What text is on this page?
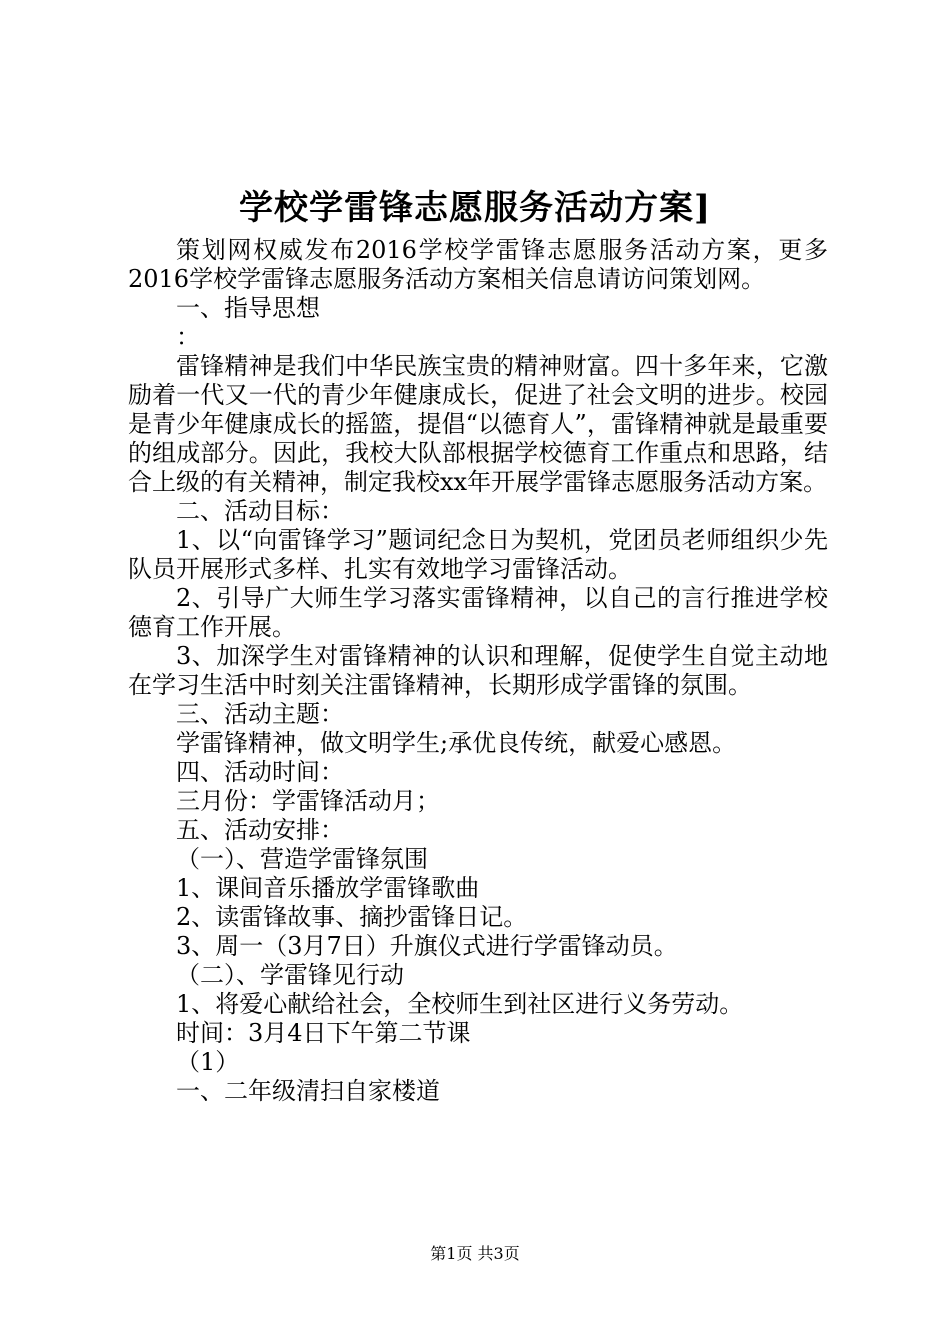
学校学雷锋志愿服务活动方案]

策划网权威发布2016学校学雷锋志愿服务活动方案，更多2016学校学雷锋志愿服务活动方案相关信息请访问策划网。

一、指导思想

：

雷锋精神是我们中华民族宝贵的精神财富。四十多年来，它激励着一代又一代的青少年健康成长，促进了社会文明的进步。校园是青少年健康成长的摇篮，提倡“以德育人”，雷锋精神就是最重要的组成部分。因此，我校大队部根据学校德育工作重点和思路，结合上级的有关精神，制定我校xx年开展学雷锋志愿服务活动方案。

二、活动目标：

1、以“向雷锋学习”题词纪念日为契机，党团员老师组织少先队员开展形式多样、扎实有效地学习雷锋活动。

2、引导广大师生学习落实雷锋精神，以自己的言行推进学校德育工作开展。

3、加深学生对雷锋精神的认识和理解，促使学生自觉主动地在学习生活中时刻关注雷锋精神，长期形成学雷锋的氛围。

三、活动主题：

学雷锋精神，做文明学生;承优良传统，献爱心感恩。

四、活动时间：

三月份：学雷锋活动月；

五、活动安排：

（一）、营造学雷锋氛围

1、课间音乐播放学雷锋歌曲

2、读雷锋故事、摘抄雷锋日记。

3、周一（3月7日）升旗仪式进行学雷锋动员。

（二）、学雷锋见行动

1、将爱心献给社会，全校师生到社区进行义务劳动。

时间：3月4日下午第二节课

（1）

一、二年级清扫自家楼道

第1页 共3页
